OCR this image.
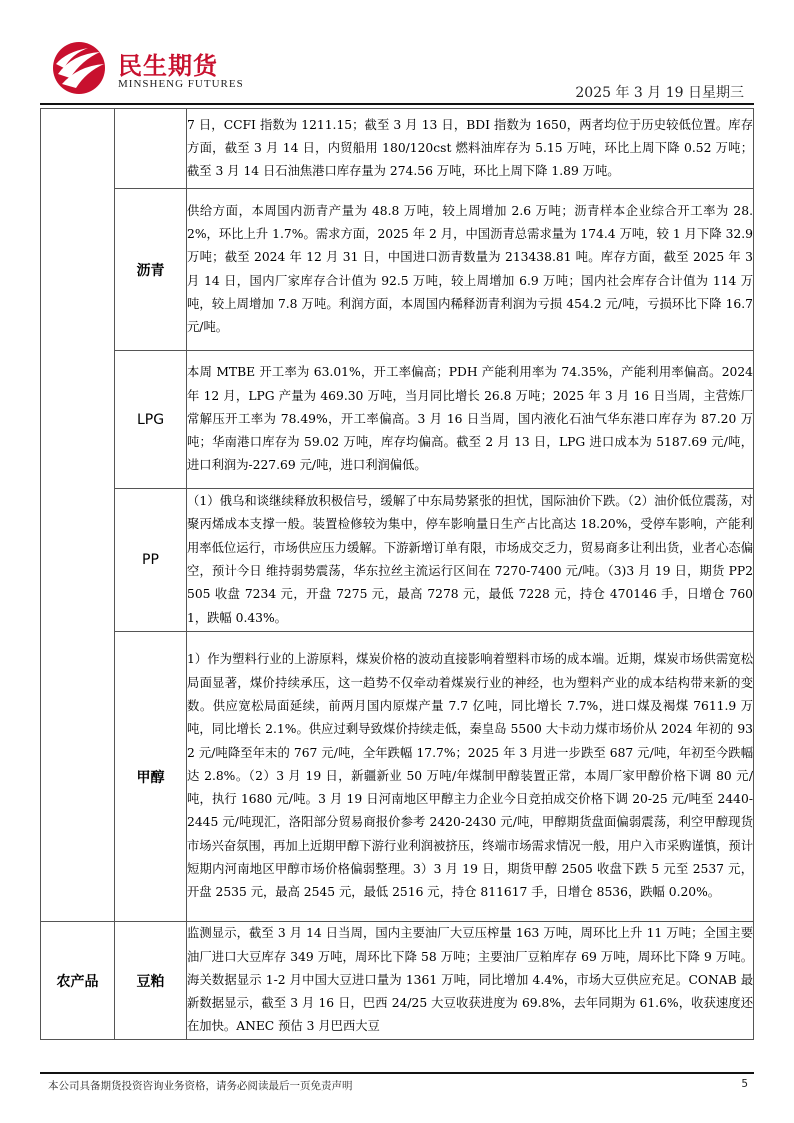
民生期货
MINSHENG FUTURES
2025 年 3 月 19 日星期三
		7 日，CCFI 指数为 1211.15；截至 3 月 13 日，BDI 指数为 1650，两者均位于历史较低位置。库存方面，截至 3 月 14 日，内贸船用 180/120cst 燃料油库存为 5.15 万吨，环比上周下降 0.52 万吨；截至 3 月 14 日石油焦港口库存量为 274.56 万吨，环比上周下降 1.89 万吨。
	沥青	供给方面，本周国内沥青产量为 48.8 万吨，较上周增加 2.6 万吨；沥青样本企业综合开工率为 28.2%，环比上升 1.7%。需求方面，2025 年 2 月，中国沥青总需求量为 174.4 万吨，较 1 月下降 32.9 万吨；截至 2024 年 12 月 31 日，中国进口沥青数量为 213438.81 吨。库存方面，截至 2025 年 3 月 14 日，国内厂家库存合计值为 92.5 万吨，较上周增加 6.9 万吨；国内社会库存合计值为 114 万吨，较上周增加 7.8 万吨。利润方面，本周国内稀释沥青利润为亏损 454.2 元/吨，亏损环比下降 16.7 元/吨。
	LPG	本周 MTBE 开工率为 63.01%，开工率偏高；PDH 产能利用率为 74.35%，产能利用率偏高。2024 年 12 月，LPG 产量为 469.30 万吨，当月同比增长 26.8 万吨；2025 年 3 月 16 日当周，主营炼厂常解压开工率为 78.49%，开工率偏高。3 月 16 日当周，国内液化石油气华东港口库存为 87.20 万吨；华南港口库存为 59.02 万吨，库存均偏高。截至 2 月 13 日，LPG 进口成本为 5187.69 元/吨，进口利润为-227.69 元/吨，进口利润偏低。
	PP	（1）俄乌和谈继续释放积极信号，缓解了中东局势紧张的担忧，国际油价下跌。（2）油价低位震荡，对聚丙烯成本支撑一般。装置检修较为集中，停车影响量日生产占比高达 18.20%，受停车影响，产能利用率低位运行，市场供应压力缓解。下游新增订单有限，市场成交乏力，贸易商多让利出货，业者心态偏空，预计今日 维持弱势震荡，华东拉丝主流运行区间在 7270-7400 元/吨。（3)3 月 19 日，期货 PP2505 收盘 7234 元，开盘 7275 元，最高 7278 元，最低 7228 元，持仓 470146 手，日增仓 7601，跌幅 0.43%。
	甲醇	1）作为塑料行业的上游原料，煤炭价格的波动直接影响着塑料市场的成本端。近期，煤炭市场供需宽松局面显著，煤价持续承压，这一趋势不仅牵动着煤炭行业的神经，也为塑料产业的成本结构带来新的变数。供应宽松局面延续，前两月国内原煤产量 7.7 亿吨，同比增长 7.7%，进口煤及褐煤 7611.9 万吨，同比增长 2.1%。供应过剩导致煤价持续走低，秦皇岛 5500 大卡动力煤市场价从 2024 年初的 932 元/吨降至年末的 767 元/吨，全年跌幅 17.7%；2025 年 3 月进一步跌至 687 元/吨，年初至今跌幅达 2.8%。（2）3 月 19 日，新疆新业 50 万吨/年煤制甲醇装置正常，本周厂家甲醇价格下调 80 元/吨，执行 1680 元/吨。3 月 19 日河南地区甲醇主力企业今日竞拍成交价格下调 20-25 元/吨至 2440-2445 元/吨现汇，洛阳部分贸易商报价参考 2420-2430 元/吨，甲醇期货盘面偏弱震荡，利空甲醇现货市场兴奋氛围，再加上近期甲醇下游行业利润被挤压，终端市场需求情况一般，用户入市采购谨慎，预计短期内河南地区甲醇市场价格偏弱整理。3）3 月 19 日，期货甲醇 2505 收盘下跌 5 元至 2537 元，开盘 2535 元，最高 2545 元，最低 2516 元，持仓 811617 手，日增仓 8536，跌幅 0.20%。
农产品	豆粕	监测显示，截至 3 月 14 日当周，国内主要油厂大豆压榨量 163 万吨，周环比上升 11 万吨；全国主要油厂进口大豆库存 349 万吨，周环比下降 58 万吨；主要油厂豆粕库存 69 万吨，周环比下降 9 万吨。海关数据显示 1-2 月中国大豆进口量为 1361 万吨，同比增加 4.4%，市场大豆供应充足。CONAB 最新数据显示，截至 3 月 16 日，巴西 24/25 大豆收获进度为 69.8%，去年同期为 61.6%，收获速度还在加快。ANEC 预估 3 月巴西大豆
本公司具备期货投资咨询业务资格，请务必阅读最后一页免责声明	5
